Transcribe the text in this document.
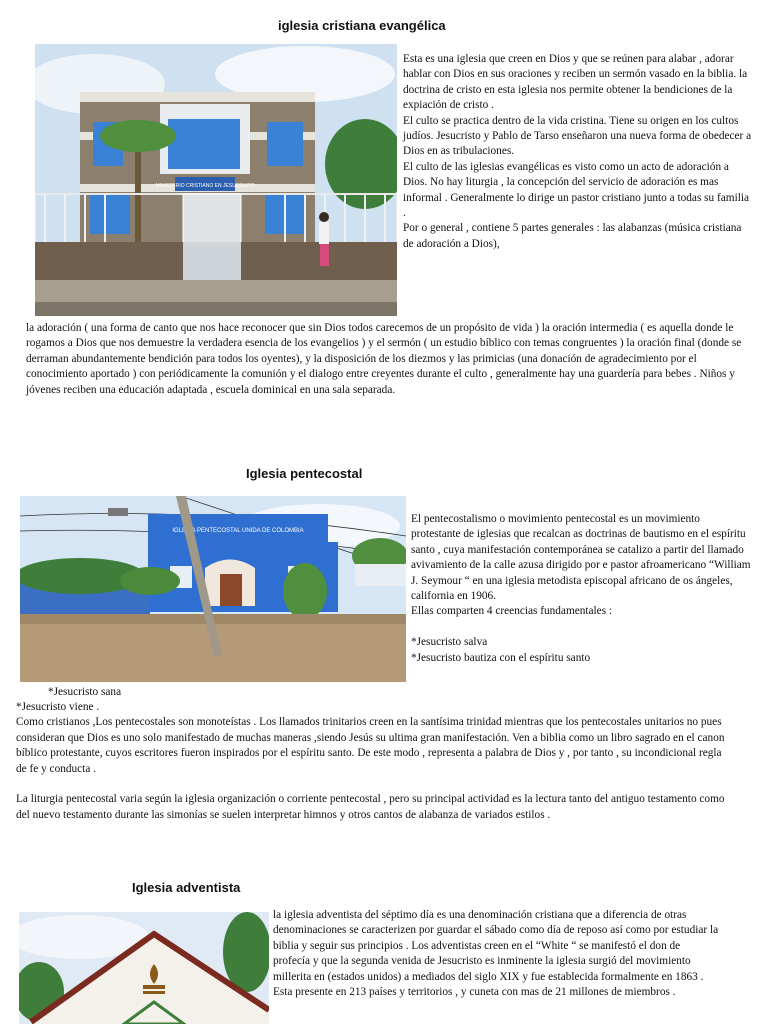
iglesia cristiana evangélica
MINISTERIO CRISTIANO EN JESUCRISTO

Esta es una iglesia que creen en Dios y que se reúnen para alabar , adorar hablar con Dios en sus oraciones y reciben un sermón vasado en la biblia. la doctrina de cristo en esta iglesia nos permite obtener la bendiciones de la expiación de cristo .

El culto se practica dentro de la vida cristina. Tiene su origen en los cultos judíos. Jesucristo y Pablo de Tarso enseñaron una nueva forma de obedecer a Dios en as tribulaciones.

El culto de las iglesias evangélicas es visto como un acto de adoración a Dios. No hay liturgia , la concepción del servicio de adoración es mas informal . Generalmente lo dirige un pastor cristiano junto a todas su familia .

Por o general , contiene 5 partes generales : las alabanzas (música cristiana de adoración a Dios),

la adoración ( una forma de canto que nos hace reconocer que sin Dios todos carecemos de un propósito de vida ) la oración intermedia ( es aquella donde le rogamos a Dios que nos demuestre la verdadera esencia de los evangelios ) y el sermón ( un estudio bíblico con temas congruentes ) la oración final (donde se derraman abundantemente bendición para todos los oyentes), y la disposición de los diezmos y las primicias (una donación de agradecimiento por el conocimiento aportado ) con periódicamente la comunión y el dialogo entre creyentes durante el culto , generalmente hay una guardería para bebes . Niños y jóvenes reciben una educación adaptada , escuela dominical en una sala separada.
Iglesia pentecostal
IGLESIA PENTECOSTAL UNIDA DE COLOMBIA

El pentecostalismo o movimiento pentecostal es un movimiento protestante de iglesias que recalcan as doctrinas de bautismo en el espíritu santo , cuya manifestación contemporánea se catalizo a partir del llamado avivamiento de la calle azusa dirigido por e pastor afroamericano “William J. Seymour “ en una iglesia metodista episcopal africano de os ángeles, california en 1906.

Ellas comparten 4 creencias fundamentales :

*Jesucristo salva

*Jesucristo bautiza con el espíritu santo

*Jesucristo sana

*Jesucristo viene .

Como cristianos ,Los pentecostales son monoteístas . Los llamados trinitarios creen en la santísima trinidad mientras que los pentecostales unitarios no pues consideran que Dios es uno solo manifestado de muchas maneras ,siendo Jesús su ultima gran manifestación. Ven a biblia como un libro sagrado en el canon bíblico protestante, cuyos escritores fueron inspirados por el espíritu santo. De este modo , representa a palabra de Dios y , por tanto , su incondicional regla de fe y conducta .

La liturgia pentecostal varia según la iglesia organización o corriente pentecostal , pero su principal actividad es la lectura tanto del antiguo testamento como del nuevo testamento durante las simonías se suelen interpretar himnos y otros cantos de alabanza de variados estilos .

Iglesia adventista
la iglesia adventista del séptimo día es una denominación cristiana que a diferencia de otras denominaciones se caracterizen por guardar el sábado como día de reposo así como por estudiar la biblia y seguir sus principios . Los adventistas creen en el “White “ se manifestó el don de profecía y que la segunda venida de Jesucristo es inminente la iglesia surgió del movimiento millerita en (estados unidos) a mediados del siglo XIX y fue establecida formalmente en 1863 . Esta presente en 213 países y territorios , y cuneta con mas de 21 millones de miembros .
